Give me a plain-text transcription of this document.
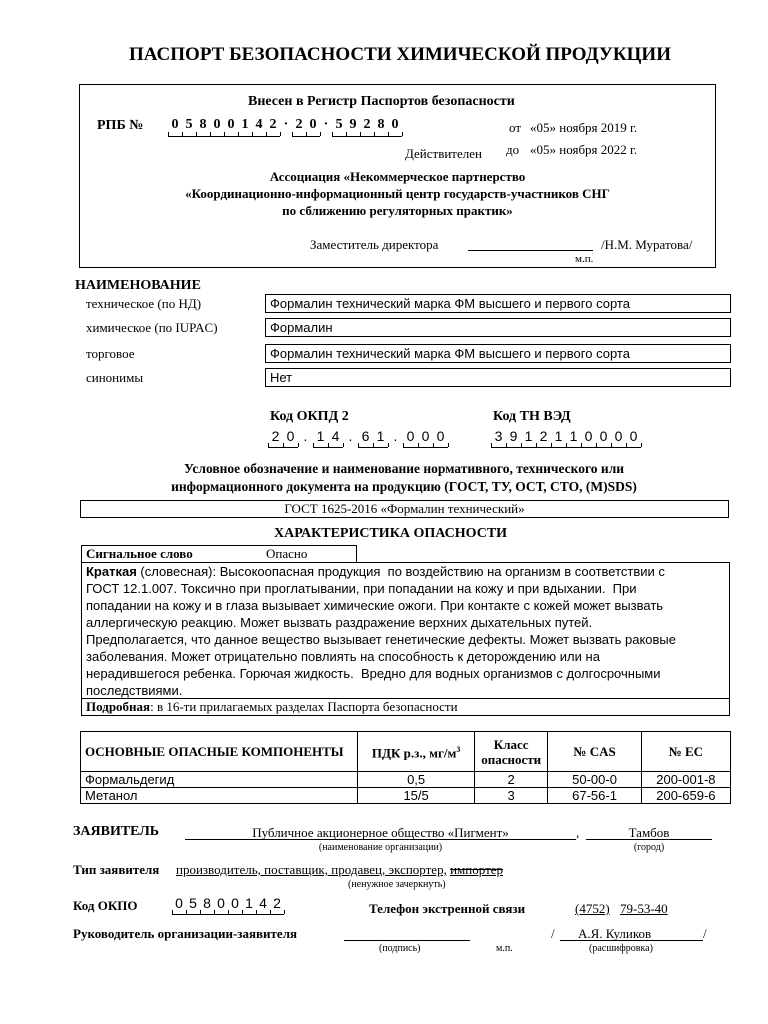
ПАСПОРТ БЕЗОПАСНОСТИ ХИМИЧЕСКОЙ ПРОДУКЦИИ
Внесен в Регистр Паспортов безопасности
РПБ № 0 5 8 0 0 1 4 2 · 2 0 · 5 9 2 8 0	от «05» ноября 2019 г.
Действителен до «05» ноября 2022 г.
Ассоциация «Некоммерческое партнерство
«Координационно-информационный центр государств-участников СНГ
по сближению регуляторных практик»
Заместитель директора	/Н.М. Муратова/
м.п.
НАИМЕНОВАНИЕ
техническое (по НД)	Формалин технический марка ФМ высшего и первого сорта
химическое (по IUPAC)	Формалин
торговое	Формалин технический марка ФМ высшего и первого сорта
синонимы	Нет
Код ОКПД 2
2 0 . 1 4 . 6 1 . 0 0 0
Код ТН ВЭД
3 9 1 2 1 1 0 0 0 0
Условное обозначение и наименование нормативного, технического или
информационного документа на продукцию (ГОСТ, ТУ, ОСТ, СТО, (М)SDS)
ГОСТ 1625-2016 «Формалин технический»
ХАРАКТЕРИСТИКА ОПАСНОСТИ
Сигнальное слово	Опасно
Краткая (словесная): Высокоопасная продукция  по воздействию на организм в соответствии с
ГОСТ 12.1.007. Токсично при проглатывании, при попадании на кожу и при вдыхании.  При
попадании на кожу и в глаза вызывает химические ожоги. При контакте с кожей может вызвать
аллергическую реакцию. Может вызвать раздражение верхних дыхательных путей.
Предполагается, что данное вещество вызывает генетические дефекты. Может вызвать раковые
заболевания. Может отрицательно повлиять на способность к деторождению или на
нерадившегося ребенка. Горючая жидкость.  Вредно для водных организмов с долгосрочными
последствиями.
Подробная: в 16-ти прилагаемых разделах Паспорта безопасности
ОСНОВНЫЕ ОПАСНЫЕ КОМПОНЕНТЫ	ПДК р.з., $мг/м^3$	Класс опасности	№ CAS	№ ЕС
Формальдегид	0,5	2	50-00-0	200-001-8
Метанол	15/5	3	67-56-1	200-659-6
ЗАЯВИТЕЛЬ	Публичное акционерное общество «Пигмент»	,
(наименование организации)
Тамбов
(город)
Тип заявителя производитель, поставщик, продавец, экспортер, импортер
(ненужное зачеркнуть)
Код ОКПО	0 5 8 0 0 1 4 2	Телефон экстренной связи	(4752) 79-53-40
Руководитель организации-заявителя	/ А.Я. Куликов	/
(подпись)	м.п.	(расшифровка)
